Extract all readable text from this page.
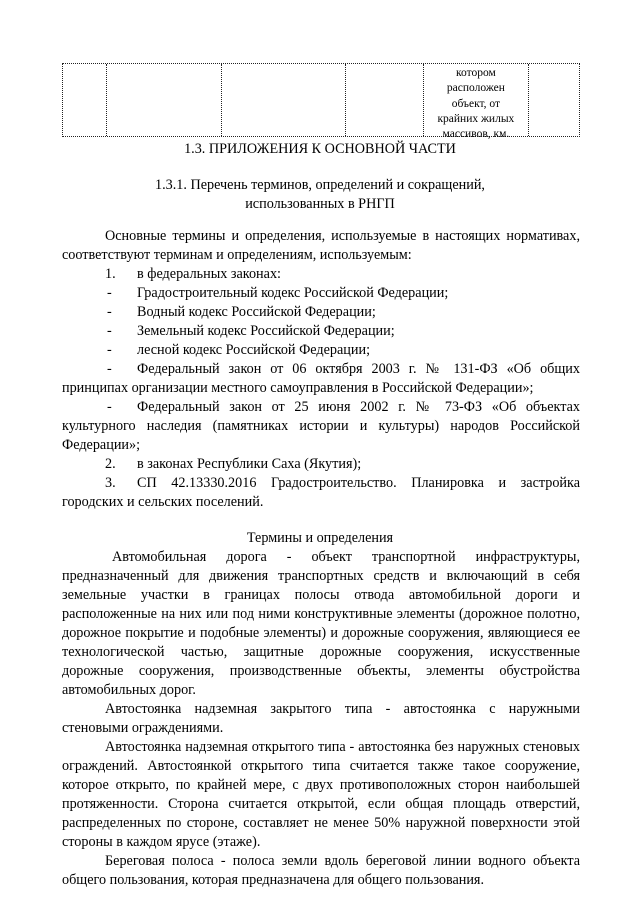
котором
расположен
объект, от
крайних жилых
массивов, км.
1.3. ПРИЛОЖЕНИЯ К ОСНОВНОЙ ЧАСТИ
1.3.1. Перечень терминов, определений и сокращений,
использованных в РНГП
Основные термины и определения, используемые в настоящих нормативах,
соответствуют терминам и определениям, используемым:
1. в федеральных законах:
- Градостроительный кодекс Российской Федерации;
- Водный кодекс Российской Федерации;
- Земельный кодекс Российской Федерации;
- лесной кодекс Российской Федерации;
- Федеральный закон от 06 октября 2003 г. № 131-ФЗ «Об общих
принципах организации местного самоуправления в Российской Федерации»;
- Федеральный закон от 25 июня 2002 г. № 73-ФЗ «Об объектах
культурного наследия (памятниках истории и культуры) народов Российской
Федерации»;
2. в законах Республики Саха (Якутия);
3. СП 42.13330.2016 Градостроительство. Планировка и застройка
городских и сельских поселений.
Термины и определения
Автомобильная дорога - объект транспортной инфраструктуры,
предназначенный для движения транспортных средств и включающий в себя
земельные участки в границах полосы отвода автомобильной дороги и
расположенные на них или под ними конструктивные элементы (дорожное полотно,
дорожное покрытие и подобные элементы) и дорожные сооружения, являющиеся ее
технологической частью, защитные дорожные сооружения, искусственные
дорожные сооружения, производственные объекты, элементы обустройства
автомобильных дорог.
Автостоянка надземная закрытого типа - автостоянка с наружными
стеновыми ограждениями.
Автостоянка надземная открытого типа - автостоянка без наружных стеновых
ограждений. Автостоянкой открытого типа считается также такое сооружение,
которое открыто, по крайней мере, с двух противоположных сторон наибольшей
протяженности. Сторона считается открытой, если общая площадь отверстий,
распределенных по стороне, составляет не менее 50% наружной поверхности этой
стороны в каждом ярусе (этаже).
Береговая полоса - полоса земли вдоль береговой линии водного объекта
общего пользования, которая предназначена для общего пользования.
